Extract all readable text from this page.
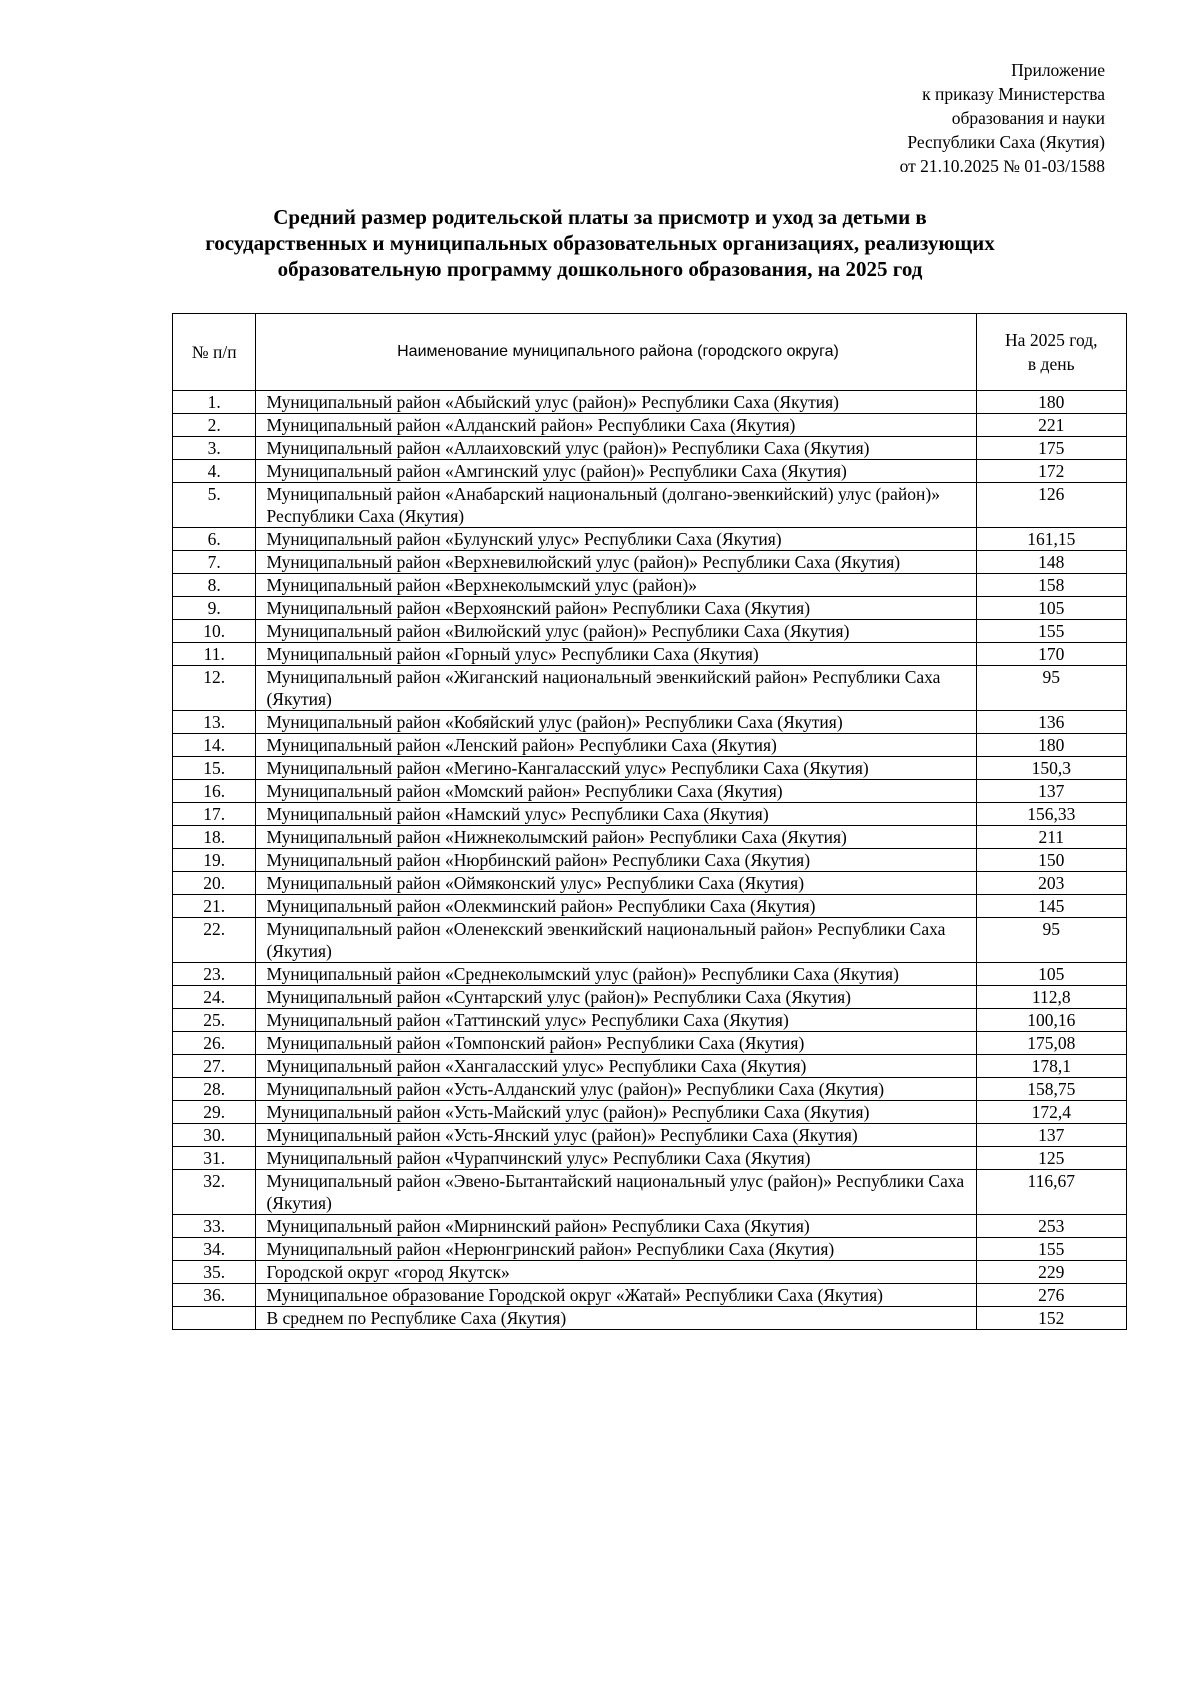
Приложение
к приказу Министерства
образования и науки
Республики Саха (Якутия)
от 21.10.2025 № 01-03/1588
Средний размер родительской платы за присмотр и уход за детьми в
государственных и муниципальных образовательных организациях, реализующих
образовательную программу дошкольного образования, на 2025 год
№ п/п	Наименование муниципального района (городского округа)	На 2025 год,
в день

1.	Муниципальный район «Абыйский улус (район)» Республики Саха (Якутия)	180
2.	Муниципальный район «Алданский район» Республики Саха (Якутия)	221
3.	Муниципальный район «Аллаиховский улус (район)» Республики Саха (Якутия)	175
4.	Муниципальный район «Амгинский улус (район)» Республики Саха (Якутия)	172
5.	Муниципальный район «Анабарский национальный (долгано-эвенкийский) улус (район)» Республики Саха (Якутия)	126
6.	Муниципальный район «Булунский улус» Республики Саха (Якутия)	161,15
7.	Муниципальный район «Верхневилюйский улус (район)» Республики Саха (Якутия)	148
8.	Муниципальный район «Верхнеколымский улус (район)»	158
9.	Муниципальный район «Верхоянский район» Республики Саха (Якутия)	105
10.	Муниципальный район «Вилюйский улус (район)» Республики Саха (Якутия)	155
11.	Муниципальный район «Горный улус» Республики Саха (Якутия)	170
12.	Муниципальный район «Жиганский национальный эвенкийский район» Республики Саха (Якутия)	95
13.	Муниципальный район «Кобяйский улус (район)» Республики Саха (Якутия)	136
14.	Муниципальный район «Ленский район» Республики Саха (Якутия)	180
15.	Муниципальный район «Мегино-Кангаласский улус» Республики Саха (Якутия)	150,3
16.	Муниципальный район «Момский район» Республики Саха (Якутия)	137
17.	Муниципальный район «Намский улус» Республики Саха (Якутия)	156,33
18.	Муниципальный район «Нижнеколымский район» Республики Саха (Якутия)	211
19.	Муниципальный район «Нюрбинский район» Республики Саха (Якутия)	150
20.	Муниципальный район «Оймяконский улус» Республики Саха (Якутия)	203
21.	Муниципальный район «Олекминский район» Республики Саха (Якутия)	145
22.	Муниципальный район «Оленекский эвенкийский национальный район» Республики Саха (Якутия)	95
23.	Муниципальный район «Среднеколымский улус (район)» Республики Саха (Якутия)	105
24.	Муниципальный район «Сунтарский улус (район)» Республики Саха (Якутия)	112,8
25.	Муниципальный район «Таттинский улус» Республики Саха (Якутия)	100,16
26.	Муниципальный район «Томпонский район» Республики Саха (Якутия)	175,08
27.	Муниципальный район «Хангаласский улус» Республики Саха (Якутия)	178,1
28.	Муниципальный район «Усть-Алданский улус (район)» Республики Саха (Якутия)	158,75
29.	Муниципальный район «Усть-Майский улус (район)» Республики Саха (Якутия)	172,4
30.	Муниципальный район «Усть-Янский улус (район)» Республики Саха (Якутия)	137
31.	Муниципальный район «Чурапчинский улус» Республики Саха (Якутия)	125
32.	Муниципальный район «Эвено-Бытантайский национальный улус (район)» Республики Саха (Якутия)	116,67
33.	Муниципальный район «Мирнинский район» Республики Саха (Якутия)	253
34.	Муниципальный район «Нерюнгринский район» Республики Саха (Якутия)	155
35.	Городской округ «город Якутск»	229
36.	Муниципальное образование Городской округ «Жатай» Республики Саха (Якутия)	276
	В среднем по Республике Саха (Якутия)	152
